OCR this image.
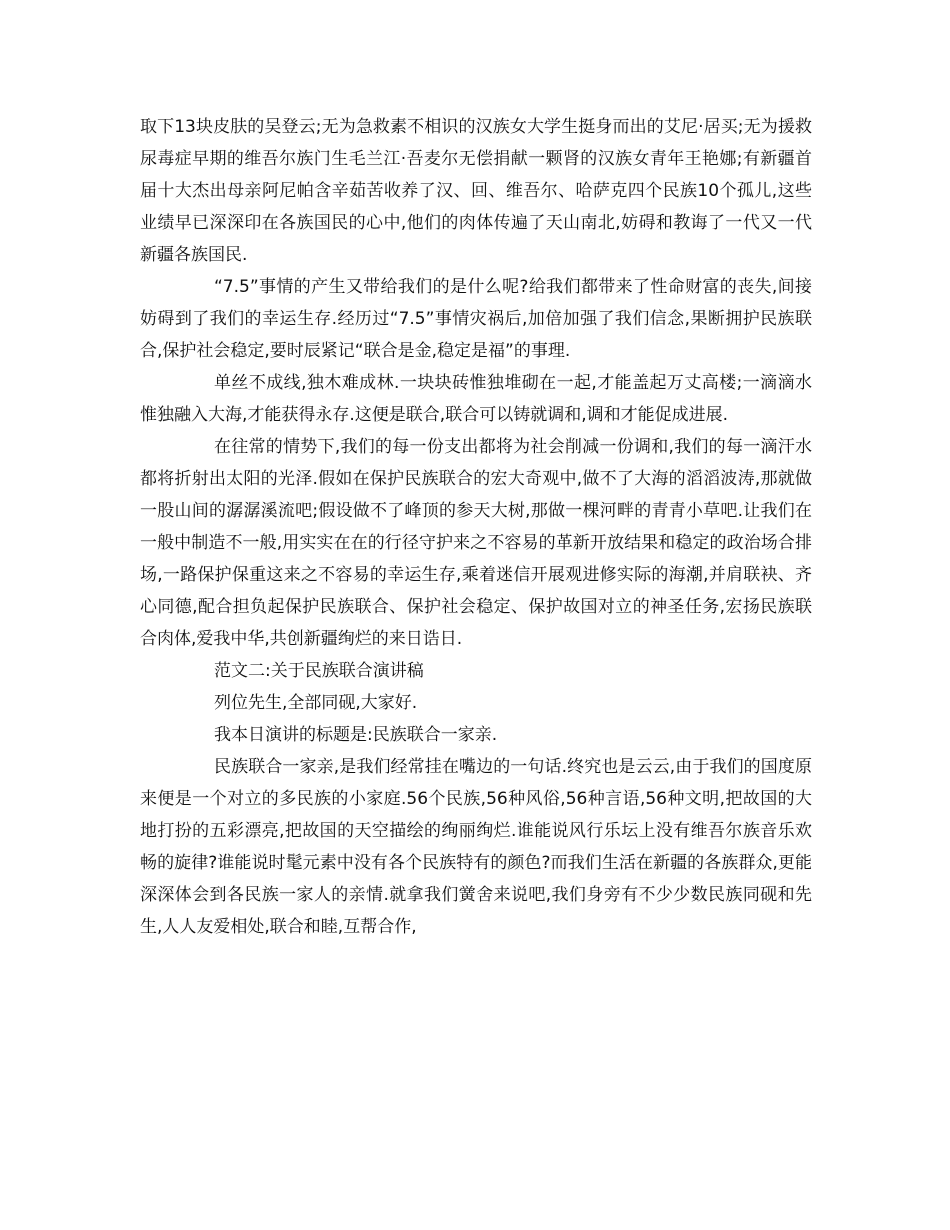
取下13块皮肤的吴登云;无为急救素不相识的汉族女大学生挺身而出的艾尼·居买;无为援救尿毒症早期的维吾尔族门生毛兰江·吾麦尔无偿捐献一颗肾的汉族女青年王艳娜;有新疆首届十大杰出母亲阿尼帕含辛茹苦收养了汉、回、维吾尔、哈萨克四个民族10个孤儿,这些业绩早已深深印在各族国民的心中,他们的肉体传遍了天山南北,妨碍和教诲了一代又一代新疆各族国民.

“7.5”事情的产生又带给我们的是什么呢?给我们都带来了性命财富的丧失,间接妨碍到了我们的幸运生存.经历过“7.5”事情灾祸后,加倍加强了我们信念,果断拥护民族联合,保护社会稳定,要时辰紧记“联合是金,稳定是福”的事理.

单丝不成线,独木难成林.一块块砖惟独堆砌在一起,才能盖起万丈高楼;一滴滴水惟独融入大海,才能获得永存.这便是联合,联合可以铸就调和,调和才能促成进展.

在往常的情势下,我们的每一份支出都将为社会削减一份调和,我们的每一滴汗水都将折射出太阳的光泽.假如在保护民族联合的宏大奇观中,做不了大海的滔滔波涛,那就做一股山间的潺潺溪流吧;假设做不了峰顶的参天大树,那做一棵河畔的青青小草吧.让我们在一般中制造不一般,用实实在在的行径守护来之不容易的革新开放结果和稳定的政治场合排场,一路保护保重这来之不容易的幸运生存,乘着迷信开展观进修实际的海潮,并肩联袂、齐心同德,配合担负起保护民族联合、保护社会稳定、保护故国对立的神圣任务,宏扬民族联合肉体,爱我中华,共创新疆绚烂的来日诰日.

范文二:关于民族联合演讲稿

列位先生,全部同砚,大家好.

我本日演讲的标题是:民族联合一家亲.

民族联合一家亲,是我们经常挂在嘴边的一句话.终究也是云云,由于我们的国度原来便是一个对立的多民族的小家庭.56个民族,56种风俗,56种言语,56种文明,把故国的大地打扮的五彩漂亮,把故国的天空描绘的绚丽绚烂.谁能说风行乐坛上没有维吾尔族音乐欢畅的旋律?谁能说时髦元素中没有各个民族特有的颜色?而我们生活在新疆的各族群众,更能深深体会到各民族一家人的亲情.就拿我们黉舍来说吧,我们身旁有不少少数民族同砚和先生,人人友爱相处,联合和睦,互帮合作,
